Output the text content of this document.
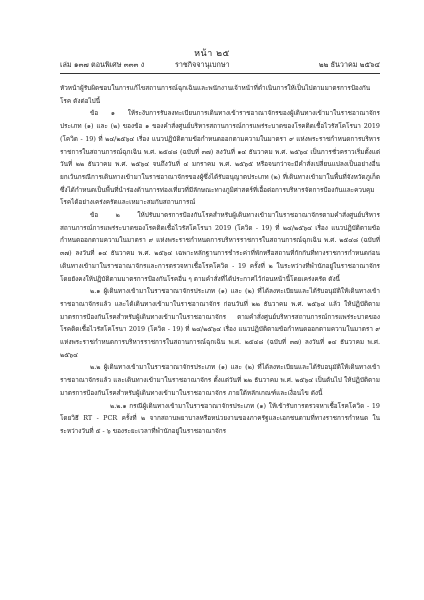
หน้า ๒๕
เล่ม ๑๓๗ ตอนพิเศษ ๓๓๓ ง	ราชกิจจานุเบกษา	๒๒ ธันวาคม ๒๕๖๔

หัวหน้าผู้รับผิดชอบในการแก้ไขสถานการณ์ฉุกเฉินและพนักงานเจ้าหน้าที่ดำเนินการให้เป็นไปตามมาตรการป้องกันโรค ดังต่อไปนี้

ข้อ ๑ ให้ระงับการรับลงทะเบียนการเดินทางเข้าราชอาณาจักรของผู้เดินทางเข้ามาในราชอาณาจักรประเภท (๑) และ (๒) ของข้อ ๑ ของคำสั่งศูนย์บริหารสถานการณ์การแพร่ระบาดของโรคติดเชื้อไวรัสโคโรนา 2019 (โควิด - 19) ที่ ๒๔/๒๕๖๔ เรื่อง แนวปฏิบัติตามข้อกำหนดออกตามความในมาตรา ๙ แห่งพระราชกำหนดการบริหารราชการในสถานการณ์ฉุกเฉิน พ.ศ. ๒๕๔๘ (ฉบับที่ ๓๗) ลงวันที่ ๑๔ ธันวาคม พ.ศ. ๒๕๖๔ เป็นการชั่วคราวเริ่มตั้งแต่วันที่ ๒๒ ธันวาคม พ.ศ. ๒๕๖๔ จนถึงวันที่ ๔ มกราคม พ.ศ. ๒๕๖๕ หรือจนกว่าจะมีคำสั่งเปลี่ยนแปลงเป็นอย่างอื่น ยกเว้นกรณีการเดินทางเข้ามาในราชอาณาจักรของผู้ซึ่งได้รับอนุญาตประเภท (๒) ที่เดินทางเข้ามาในพื้นที่จังหวัดภูเก็ต ซึ่งได้กำหนดเป็นพื้นที่นำร่องด้านการท่องเที่ยวที่มีลักษณะทางภูมิศาสตร์ที่เอื้อต่อการบริหารจัดการป้องกันและควบคุมโรคได้อย่างเคร่งครัดและเหมาะสมกับสถานการณ์

ข้อ ๒ ให้ปรับมาตรการป้องกันโรคสำหรับผู้เดินทางเข้ามาในราชอาณาจักรตามคำสั่งศูนย์บริหารสถานการณ์การแพร่ระบาดของโรคติดเชื้อไวรัสโคโรนา 2019 (โควิด - 19) ที่ ๒๔/๒๕๖๔ เรื่อง แนวปฏิบัติตามข้อกำหนดออกตามความในมาตรา ๙ แห่งพระราชกำหนดการบริหารราชการในสถานการณ์ฉุกเฉิน พ.ศ. ๒๕๔๘ (ฉบับที่ ๓๗) ลงวันที่ ๑๔ ธันวาคม พ.ศ. ๒๕๖๔ เฉพาะหลักฐานการชำระค่าที่พักหรือสถานที่กักกันที่ทางราชการกำหนดก่อนเดินทางเข้ามาในราชอาณาจักรและการตรวจหาเชื้อโรคโควิด - 19 ครั้งที่ ๒ ในระหว่างที่พำนักอยู่ในราชอาณาจักร โดยยังคงให้ปฏิบัติตามมาตรการป้องกันโรคอื่น ๆ ตามคำสั่งที่ได้ประกาศไว้ก่อนหน้านี้โดยเคร่งครัด ดังนี้

๒.๑ ผู้เดินทางเข้ามาในราชอาณาจักรประเภท (๑) และ (๒) ที่ได้ลงทะเบียนและได้รับอนุมัติให้เดินทางเข้าราชอาณาจักรแล้ว และได้เดินทางเข้ามาในราชอาณาจักร ก่อนวันที่ ๒๒ ธันวาคม พ.ศ. ๒๕๖๔ แล้ว ให้ปฏิบัติตามมาตรการป้องกันโรคสำหรับผู้เดินทางเข้ามาในราชอาณาจักร ตามคำสั่งศูนย์บริหารสถานการณ์การแพร่ระบาดของโรคติดเชื้อไวรัสโคโรนา 2019 (โควิด - 19) ที่ ๒๔/๒๕๖๔ เรื่อง แนวปฏิบัติตามข้อกำหนดออกตามความในมาตรา ๙ แห่งพระราชกำหนดการบริหารราชการในสถานการณ์ฉุกเฉิน พ.ศ. ๒๕๔๘ (ฉบับที่ ๓๗) ลงวันที่ ๑๔ ธันวาคม พ.ศ. ๒๕๖๔

๒.๒ ผู้เดินทางเข้ามาในราชอาณาจักรประเภท (๑) และ (๒) ที่ได้ลงทะเบียนและได้รับอนุมัติให้เดินทางเข้าราชอาณาจักรแล้ว และเดินทางเข้ามาในราชอาณาจักร ตั้งแต่วันที่ ๒๒ ธันวาคม พ.ศ. ๒๕๖๔ เป็นต้นไป ให้ปฏิบัติตามมาตรการป้องกันโรคสำหรับผู้เดินทางเข้ามาในราชอาณาจักร ภายใต้หลักเกณฑ์และเงื่อนไข ดังนี้

๒.๒.๑ กรณีผู้เดินทางเข้ามาในราชอาณาจักรประเภท (๑) ให้เข้ารับการตรวจหาเชื้อโรคโควิด - 19 โดยวิธี RT - PCR ครั้งที่ ๒ จากสถานพยาบาลหรือหน่วยงานของภาครัฐและเอกชนตามที่ทางราชการกำหนด ในระหว่างวันที่ ๕ - ๖ ของระยะเวลาที่พำนักอยู่ในราชอาณาจักร
